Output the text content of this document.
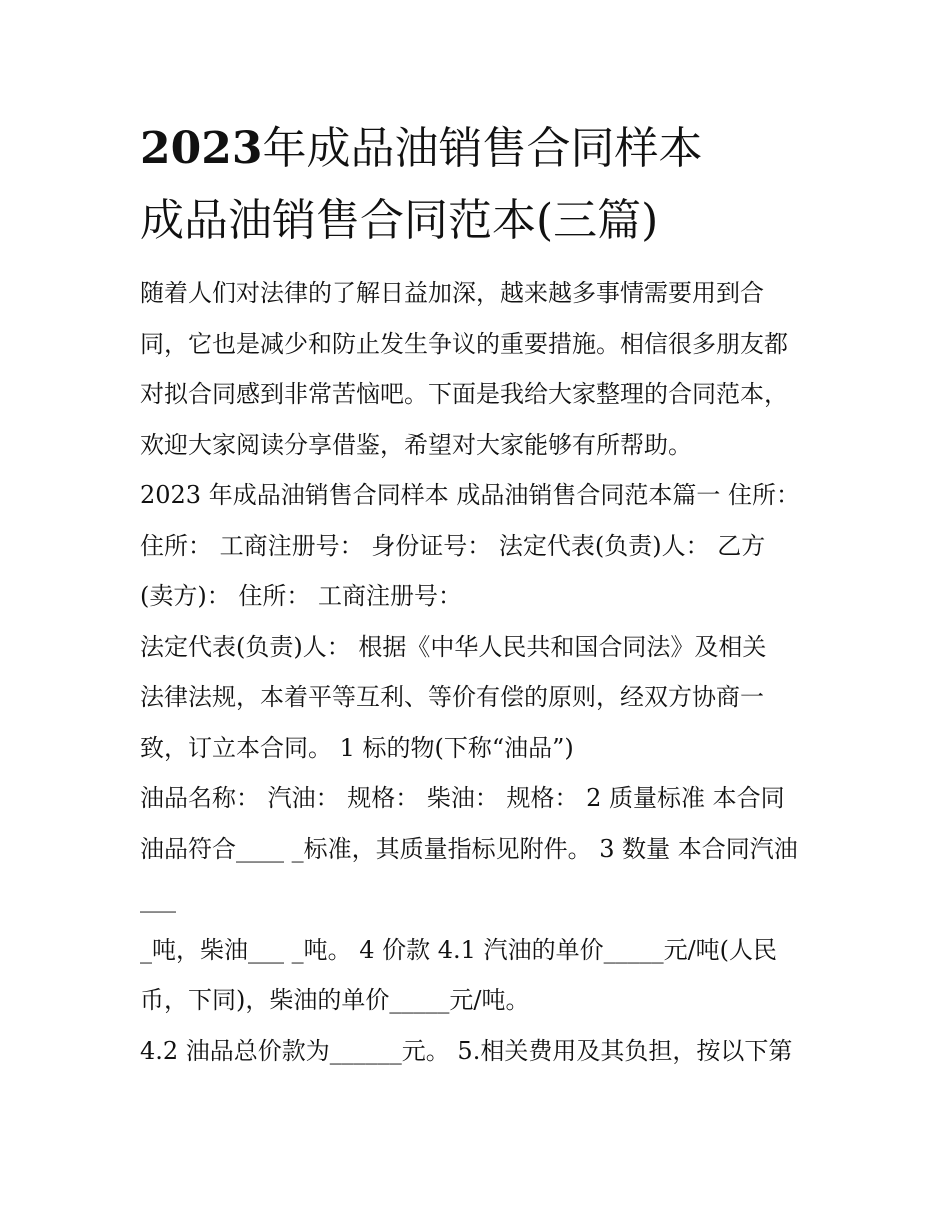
2023年成品油销售合同样本
成品油销售合同范本(三篇)

随着人们对法律的了解日益加深，越来越多事情需要用到合

同，它也是减少和防止发生争议的重要措施。相信很多朋友都

对拟合同感到非常苦恼吧。下面是我给大家整理的合同范本，

欢迎大家阅读分享借鉴，希望对大家能够有所帮助。

2023 年成品油销售合同样本 成品油销售合同范本篇一 住所：

住所： 工商注册号： 身份证号： 法定代表(负责)人： 乙方

(卖方)： 住所： 工商注册号：

法定代表(负责)人： 根据《中华人民共和国合同法》及相关

法律法规，本着平等互利、等价有偿的原则，经双方协商一

致，订立本合同。 1 标的物(下称“油品”)

油品名称： 汽油： 规格： 柴油： 规格： 2 质量标准 本合同

油品符合____ _标准，其质量指标见附件。 3 数量 本合同汽油

___

_吨，柴油___ _吨。 4 价款 4.1 汽油的单价_____元/吨(人民

币，下同)，柴油的单价_____元/吨。

4.2 油品总价款为______元。 5.相关费用及其负担，按以下第
